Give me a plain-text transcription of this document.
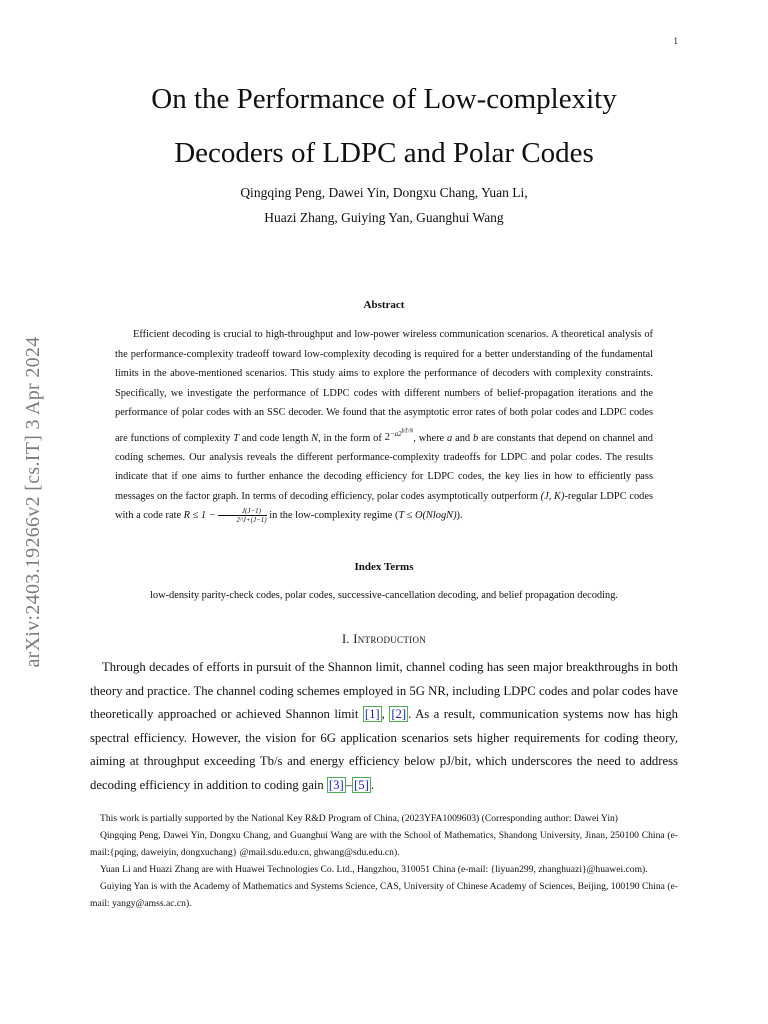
1
arXiv:2403.19266v2 [cs.IT] 3 Apr 2024
On the Performance of Low-complexity
Decoders of LDPC and Polar Codes
Qingqing Peng, Dawei Yin, Dongxu Chang, Yuan Li,
Huazi Zhang, Guiying Yan, Guanghui Wang
Abstract
Efficient decoding is crucial to high-throughput and low-power wireless communication scenarios. A theoretical analysis of the performance-complexity tradeoff toward low-complexity decoding is required for a better understanding of the fundamental limits in the above-mentioned scenarios. This study aims to explore the performance of decoders with complexity constraints. Specifically, we investigate the performance of LDPC codes with different numbers of belief-propagation iterations and the performance of polar codes with an SSC decoder. We found that the asymptotic error rates of both polar codes and LDPC codes are functions of complexity T and code length N, in the form of $2^{-a2^{bT/N}}$, where a and b are constants that depend on channel and coding schemes. Our analysis reveals the different performance-complexity tradeoffs for LDPC and polar codes. The results indicate that if one aims to further enhance the decoding efficiency for LDPC codes, the key lies in how to efficiently pass messages on the factor graph. In terms of decoding efficiency, polar codes asymptotically outperform (J, K)-regular LDPC codes with a code rate $R \le 1 - \frac{J(J-1)}{2\^{}J+(J-1)}$ in the low-complexity regime (T ≤ O(NlogN)).
Index Terms
low-density parity-check codes, polar codes, successive-cancellation decoding, and belief propagation decoding.
I. Introduction
Through decades of efforts in pursuit of the Shannon limit, channel coding has seen major breakthroughs in both theory and practice. The channel coding schemes employed in 5G NR, including LDPC codes and polar codes have theoretically approached or achieved Shannon limit [1] , [2] . As a result, communication systems now has high spectral efficiency. However, the vision for 6G application scenarios sets higher requirements for coding theory, aiming at throughput exceeding Tb/s and energy efficiency below pJ/bit, which underscores the need to address decoding efficiency in addition to coding gain [3] – [5] .

This work is partially supported by the National Key R&D Program of China, (2023YFA1009603) (Corresponding author: Dawei Yin)

Qingqing Peng, Dawei Yin, Dongxu Chang, and Guanghui Wang are with the School of Mathematics, Shandong University, Jinan, 250100 China (e-mail:{pqing, daweiyin, dongxuchang} @mail.sdu.edu.cn, ghwang@sdu.edu.cn).

Yuan Li and Huazi Zhang are with Huawei Technologies Co. Ltd., Hangzhou, 310051 China (e-mail: {liyuan299, zhanghuazi}@huawei.com).

Guiying Yan is with the Academy of Mathematics and Systems Science, CAS, University of Chinese Academy of Sciences, Beijing, 100190 China (e-mail: yangy@amss.ac.cn).
